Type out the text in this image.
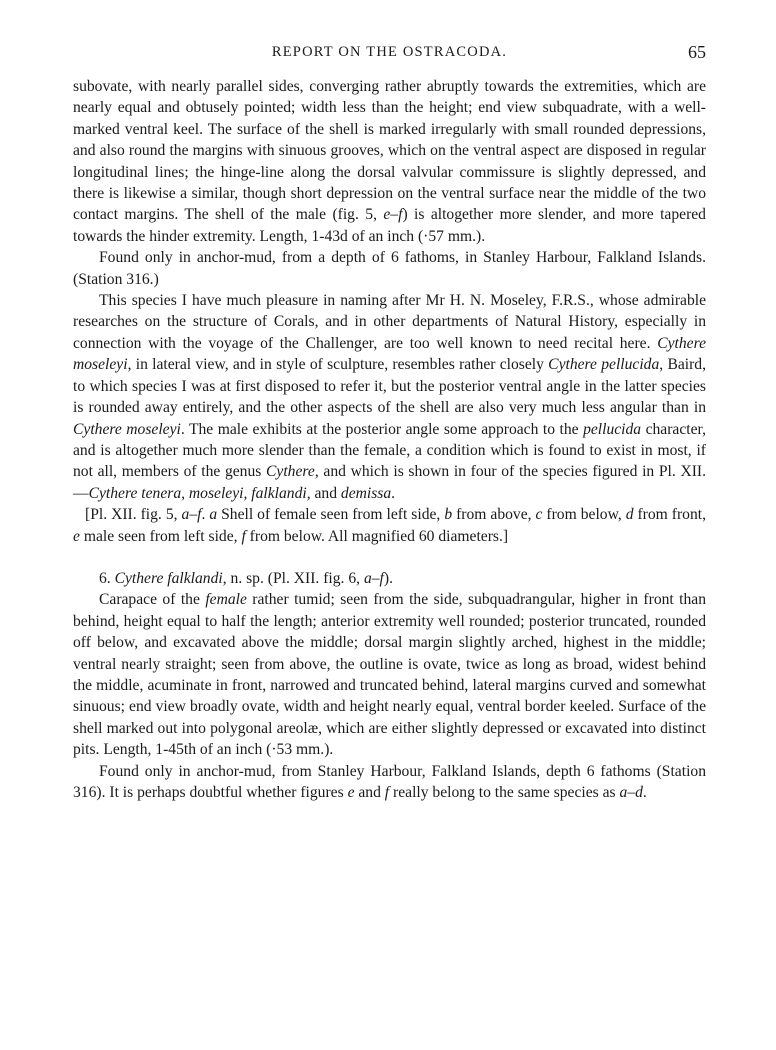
REPORT ON THE OSTRACODA.	65

subovate, with nearly parallel sides, converging rather abruptly towards the extremities, which are nearly equal and obtusely pointed; width less than the height; end view subquadrate, with a well-marked ventral keel. The surface of the shell is marked irregularly with small rounded depressions, and also round the margins with sinuous grooves, which on the ventral aspect are disposed in regular longitudinal lines; the hinge-line along the dorsal valvular commissure is slightly depressed, and there is likewise a similar, though short depression on the ventral surface near the middle of the two contact margins. The shell of the male (fig. 5, e–f) is altogether more slender, and more tapered towards the hinder extremity. Length, 1-43d of an inch (·57 mm.).

Found only in anchor-mud, from a depth of 6 fathoms, in Stanley Harbour, Falkland Islands. (Station 316.)

This species I have much pleasure in naming after Mr H. N. Moseley, F.R.S., whose admirable researches on the structure of Corals, and in other departments of Natural History, especially in connection with the voyage of the Challenger, are too well known to need recital here. Cythere moseleyi, in lateral view, and in style of sculpture, resembles rather closely Cythere pellucida, Baird, to which species I was at first disposed to refer it, but the posterior ventral angle in the latter species is rounded away entirely, and the other aspects of the shell are also very much less angular than in Cythere moseleyi. The male exhibits at the posterior angle some approach to the pellucida character, and is altogether much more slender than the female, a condition which is found to exist in most, if not all, members of the genus Cythere, and which is shown in four of the species figured in Pl. XII.—Cythere tenera, moseleyi, falklandi, and demissa.

[Pl. XII. fig. 5, a–f. a Shell of female seen from left side, b from above, c from below, d from front, e male seen from left side, f from below. All magnified 60 diameters.]

6. Cythere falklandi, n. sp. (Pl. XII. fig. 6, a–f).

Carapace of the female rather tumid; seen from the side, subquadrangular, higher in front than behind, height equal to half the length; anterior extremity well rounded; posterior truncated, rounded off below, and excavated above the middle; dorsal margin slightly arched, highest in the middle; ventral nearly straight; seen from above, the outline is ovate, twice as long as broad, widest behind the middle, acuminate in front, narrowed and truncated behind, lateral margins curved and somewhat sinuous; end view broadly ovate, width and height nearly equal, ventral border keeled. Surface of the shell marked out into polygonal areolæ, which are either slightly depressed or excavated into distinct pits. Length, 1-45th of an inch (·53 mm.).

Found only in anchor-mud, from Stanley Harbour, Falkland Islands, depth 6 fathoms (Station 316). It is perhaps doubtful whether figures e and f really belong to the same species as a–d.
